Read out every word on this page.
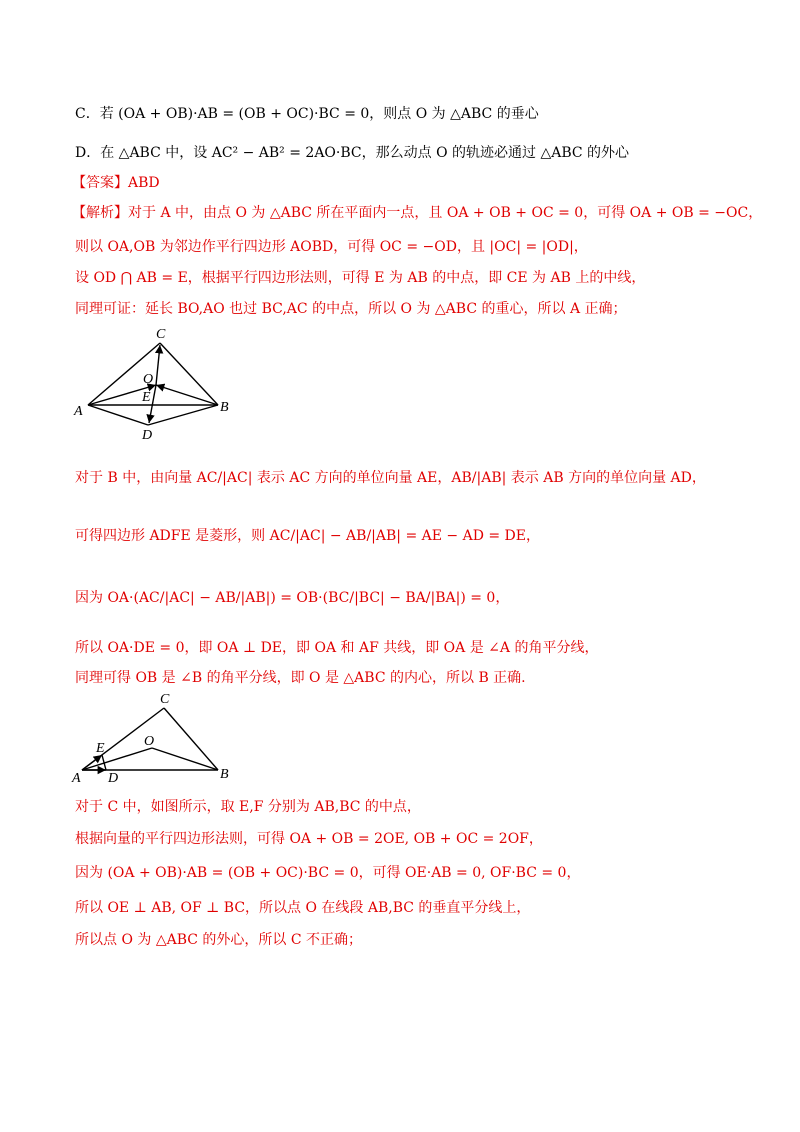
C．若 (OA + OB)·AB = (OB + OC)·BC = 0，则点 O 为 △ABC 的垂心
D．在 △ABC 中，设 AC² − AB² = 2AO·BC，那么动点 O 的轨迹必通过 △ABC 的外心
【答案】ABD
【解析】对于 A 中，由点 O 为 △ABC 所在平面内一点，且 OA + OB + OC = 0，可得 OA + OB = −OC，
则以 OA,OB 为邻边作平行四边形 AOBD，可得 OC = −OD，且 |OC| = |OD|，
设 OD ⋂ AB = E，根据平行四边形法则，可得 E 为 AB 的中点，即 CE 为 AB 上的中线，
同理可证：延长 BO,AO 也过 BC,AC 的中点，所以 O 为 △ABC 的重心，所以 A 正确；
C
O
E
A	B
D
对于 B 中，由向量 AC/|AC| 表示 AC 方向的单位向量 AE，AB/|AB| 表示 AB 方向的单位向量 AD，
可得四边形 ADFE 是菱形，则 AC/|AC| − AB/|AB| = AE − AD = DE，
因为 OA·(AC/|AC| − AB/|AB|) = OB·(BC/|BC| − BA/|BA|) = 0，
所以 OA·DE = 0，即 OA ⊥ DE，即 OA 和 AF 共线，即 OA 是 ∠A 的角平分线，
同理可得 OB 是 ∠B 的角平分线，即 O 是 △ABC 的内心，所以 B 正确.
C
O
E
A D	B
对于 C 中，如图所示，取 E,F 分别为 AB,BC 的中点，
根据向量的平行四边形法则，可得 OA + OB = 2OE, OB + OC = 2OF，
因为 (OA + OB)·AB = (OB + OC)·BC = 0，可得 OE·AB = 0, OF·BC = 0，
所以 OE ⊥ AB, OF ⊥ BC，所以点 O 在线段 AB,BC 的垂直平分线上，
所以点 O 为 △ABC 的外心，所以 C 不正确；
